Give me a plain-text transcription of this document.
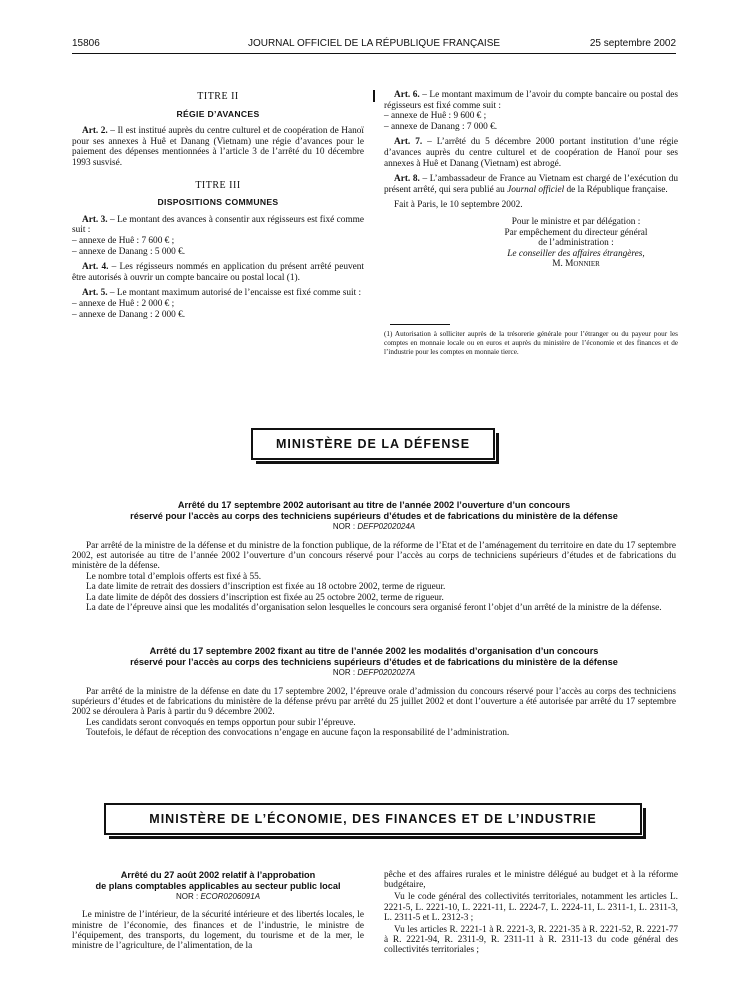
15806	JOURNAL OFFICIEL DE LA RÉPUBLIQUE FRANÇAISE	25 septembre 2002
TITRE II
RÉGIE D’AVANCES

Art. 2. – Il est institué auprès du centre culturel et de coopération de Hanoï pour ses annexes à Huê et Danang (Vietnam) une régie d’avances pour le paiement des dépenses mentionnées à l’article 3 de l’arrêté du 10 décembre 1993 susvisé.

TITRE III
DISPOSITIONS COMMUNES

Art. 3. – Le montant des avances à consentir aux régisseurs est fixé comme suit :

– annexe de Huê : 7 600 € ;

– annexe de Danang : 5 000 €.

Art. 4. – Les régisseurs nommés en application du présent arrêté peuvent être autorisés à ouvrir un compte bancaire ou postal local (1).

Art. 5. – Le montant maximum autorisé de l’encaisse est fixé comme suit :

– annexe de Huê : 2 000 € ;

– annexe de Danang : 2 000 €.

Art. 6. – Le montant maximum de l’avoir du compte bancaire ou postal des régisseurs est fixé comme suit :

– annexe de Huê : 9 600 € ;

– annexe de Danang : 7 000 €.

Art. 7. – L’arrêté du 5 décembre 2000 portant institution d’une régie d’avances auprès du centre culturel et de coopération de Hanoï pour ses annexes à Huê et Danang (Vietnam) est abrogé.

Art. 8. – L’ambassadeur de France au Vietnam est chargé de l’exécution du présent arrêté, qui sera publié au Journal officiel de la République française.

Fait à Paris, le 10 septembre 2002.

Pour le ministre et par délégation :
Par empêchement du directeur général
de l’administration :
Le conseiller des affaires étrangères,
M. Monnier
(1) Autorisation à solliciter auprès de la trésorerie générale pour l’étranger ou du payeur pour les comptes en monnaie locale ou en euros et auprès du ministère de l’économie et des finances et de l’industrie pour les comptes en monnaie tierce.
MINISTÈRE DE LA DÉFENSE
Arrêté du 17 septembre 2002 autorisant au titre de l’année 2002 l’ouverture d’un concours
réservé pour l’accès au corps des techniciens supérieurs d’études et de fabrications du ministère de la défense
NOR : DEFP0202024A

Par arrêté de la ministre de la défense et du ministre de la fonction publique, de la réforme de l’Etat et de l’aménagement du territoire en date du 17 septembre 2002, est autorisée au titre de l’année 2002 l’ouverture d’un concours réservé pour l’accès au corps de techniciens supérieurs d’études et de fabrications du ministère de la défense.

Le nombre total d’emplois offerts est fixé à 55.

La date limite de retrait des dossiers d’inscription est fixée au 18 octobre 2002, terme de rigueur.

La date limite de dépôt des dossiers d’inscription est fixée au 25 octobre 2002, terme de rigueur.

La date de l’épreuve ainsi que les modalités d’organisation selon lesquelles le concours sera organisé feront l’objet d’un arrêté de la ministre de la défense.

Arrêté du 17 septembre 2002 fixant au titre de l’année 2002 les modalités d’organisation d’un concours
réservé pour l’accès au corps des techniciens supérieurs d’études et de fabrications du ministère de la défense
NOR : DEFP0202027A

Par arrêté de la ministre de la défense en date du 17 septembre 2002, l’épreuve orale d’admission du concours réservé pour l’accès au corps des techniciens supérieurs d’études et de fabrications du ministère de la défense prévu par arrêté du 25 juillet 2002 et dont l’ouverture a été autorisée par arrêté du 17 septembre 2002 se déroulera à Paris à partir du 9 décembre 2002.

Les candidats seront convoqués en temps opportun pour subir l’épreuve.

Toutefois, le défaut de réception des convocations n’engage en aucune façon la responsabilité de l’administration.

MINISTÈRE DE L’ÉCONOMIE, DES FINANCES ET DE L’INDUSTRIE
Arrêté du 27 août 2002 relatif à l’approbation
de plans comptables applicables au secteur public local
NOR : ECOR0206091A

Le ministre de l’intérieur, de la sécurité intérieure et des libertés locales, le ministre de l’économie, des finances et de l’industrie, le ministre de l’équipement, des transports, du logement, du tourisme et de la mer, le ministre de l’agriculture, de l’alimentation, de la

pêche et des affaires rurales et le ministre délégué au budget et à la réforme budgétaire,

Vu le code général des collectivités territoriales, notamment les articles L. 2221-5, L. 2221-10, L. 2221-11, L. 2224-7, L. 2224-11, L. 2311-1, L. 2311-3, L. 2311-5 et L. 2312-3 ;

Vu les articles R. 2221-1 à R. 2221-3, R. 2221-35 à R. 2221-52, R. 2221-77 à R. 2221-94, R. 2311-9, R. 2311-11 à R. 2311-13 du code général des collectivités territoriales ;
